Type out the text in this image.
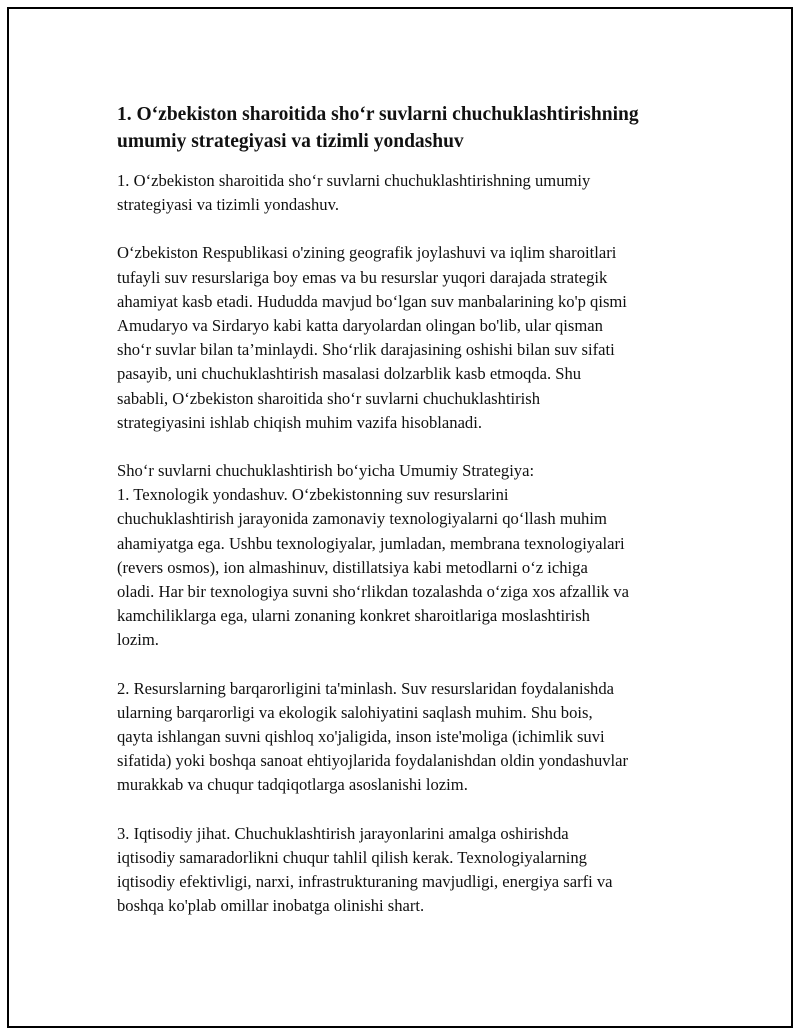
1. O‘zbekiston sharoitida sho‘r suvlarni chuchuklashtirishning
umumiy strategiyasi va tizimli yondashuv
1. O‘zbekiston sharoitida sho‘r suvlarni chuchuklashtirishning umumiy
strategiyasi va tizimli yondashuv.
O‘zbekiston Respublikasi o'zining geografik joylashuvi va iqlim sharoitlari
tufayli suv resurslariga boy emas va bu resurslar yuqori darajada strategik
ahamiyat kasb etadi. Hududda mavjud bo‘lgan suv manbalarining ko'p qismi
Amudaryo va Sirdaryo kabi katta daryolardan olingan bo'lib, ular qisman
sho‘r suvlar bilan ta’minlaydi. Sho‘rlik darajasining oshishi bilan suv sifati
pasayib, uni chuchuklashtirish masalasi dolzarblik kasb etmoqda. Shu
sababli, O‘zbekiston sharoitida sho‘r suvlarni chuchuklashtirish
strategiyasini ishlab chiqish muhim vazifa hisoblanadi.
Sho‘r suvlarni chuchuklashtirish bo‘yicha Umumiy Strategiya:
1. Texnologik yondashuv. O‘zbekistonning suv resurslarini
chuchuklashtirish jarayonida zamonaviy texnologiyalarni qo‘llash muhim
ahamiyatga ega. Ushbu texnologiyalar, jumladan, membrana texnologiyalari
(revers osmos), ion almashinuv, distillatsiya kabi metodlarni o‘z ichiga
oladi. Har bir texnologiya suvni sho‘rlikdan tozalashda o‘ziga xos afzallik va
kamchiliklarga ega, ularni zonaning konkret sharoitlariga moslashtirish
lozim.
2. Resurslarning barqarorligini ta'minlash. Suv resurslaridan foydalanishda
ularning barqarorligi va ekologik salohiyatini saqlash muhim. Shu bois,
qayta ishlangan suvni qishloq xo'jaligida, inson iste'moliga (ichimlik suvi
sifatida) yoki boshqa sanoat ehtiyojlarida foydalanishdan oldin yondashuvlar
murakkab va chuqur tadqiqotlarga asoslanishi lozim.
3. Iqtisodiy jihat. Chuchuklashtirish jarayonlarini amalga oshirishda
iqtisodiy samaradorlikni chuqur tahlil qilish kerak. Texnologiyalarning
iqtisodiy efektivligi, narxi, infrastrukturaning mavjudligi, energiya sarfi va
boshqa ko'plab omillar inobatga olinishi shart.
